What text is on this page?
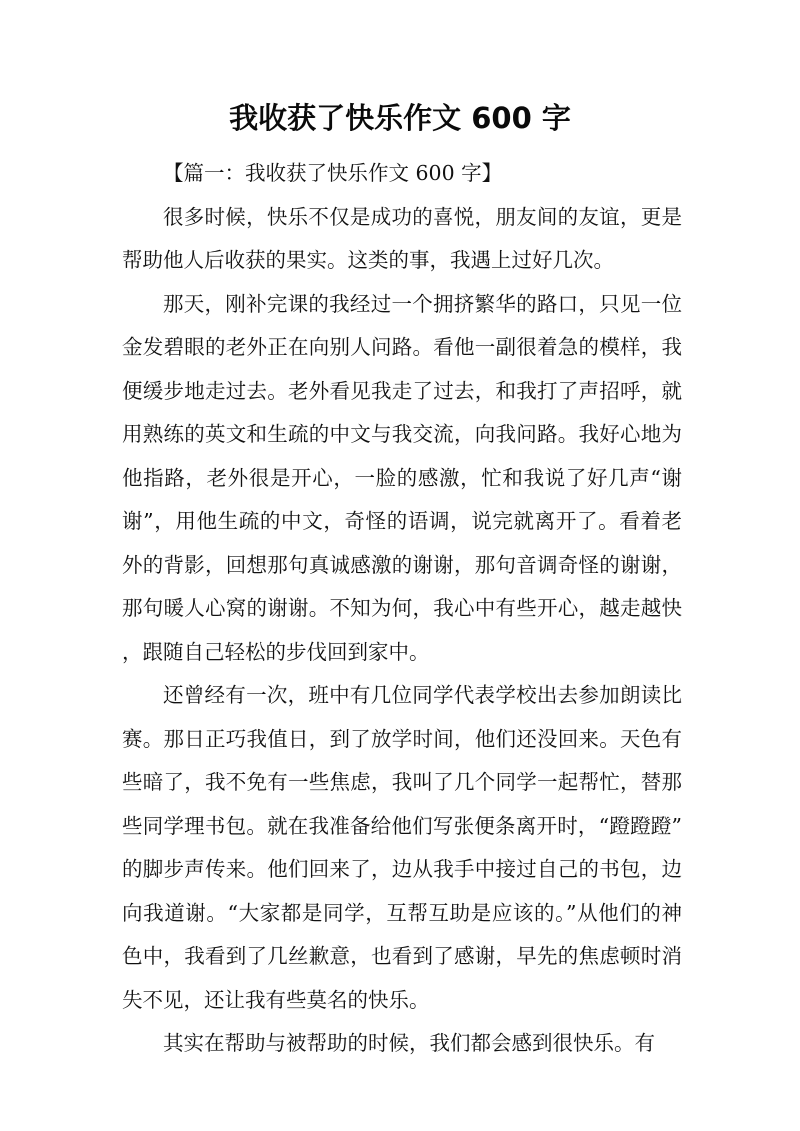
我收获了快乐作文 600 字

【篇一：我收获了快乐作文 600 字】

很多时候，快乐不仅是成功的喜悦，朋友间的友谊，更是帮助他人后收获的果实。这类的事，我遇上过好几次。

那天，刚补完课的我经过一个拥挤繁华的路口，只见一位金发碧眼的老外正在向别人问路。看他一副很着急的模样，我便缓步地走过去。老外看见我走了过去，和我打了声招呼，就用熟练的英文和生疏的中文与我交流，向我问路。我好心地为他指路，老外很是开心，一脸的感激，忙和我说了好几声“谢谢”，用他生疏的中文，奇怪的语调，说完就离开了。看着老外的背影，回想那句真诚感激的谢谢，那句音调奇怪的谢谢，那句暖人心窝的谢谢。不知为何，我心中有些开心，越走越快，跟随自己轻松的步伐回到家中。

还曾经有一次，班中有几位同学代表学校出去参加朗读比赛。那日正巧我值日，到了放学时间，他们还没回来。天色有些暗了，我不免有一些焦虑，我叫了几个同学一起帮忙，替那些同学理书包。就在我准备给他们写张便条离开时，“蹬蹬蹬”的脚步声传来。他们回来了，边从我手中接过自己的书包，边向我道谢。“大家都是同学，互帮互助是应该的。”从他们的神色中，我看到了几丝歉意，也看到了感谢，早先的焦虑顿时消失不见，还让我有些莫名的快乐。

其实在帮助与被帮助的时候，我们都会感到很快乐。有
